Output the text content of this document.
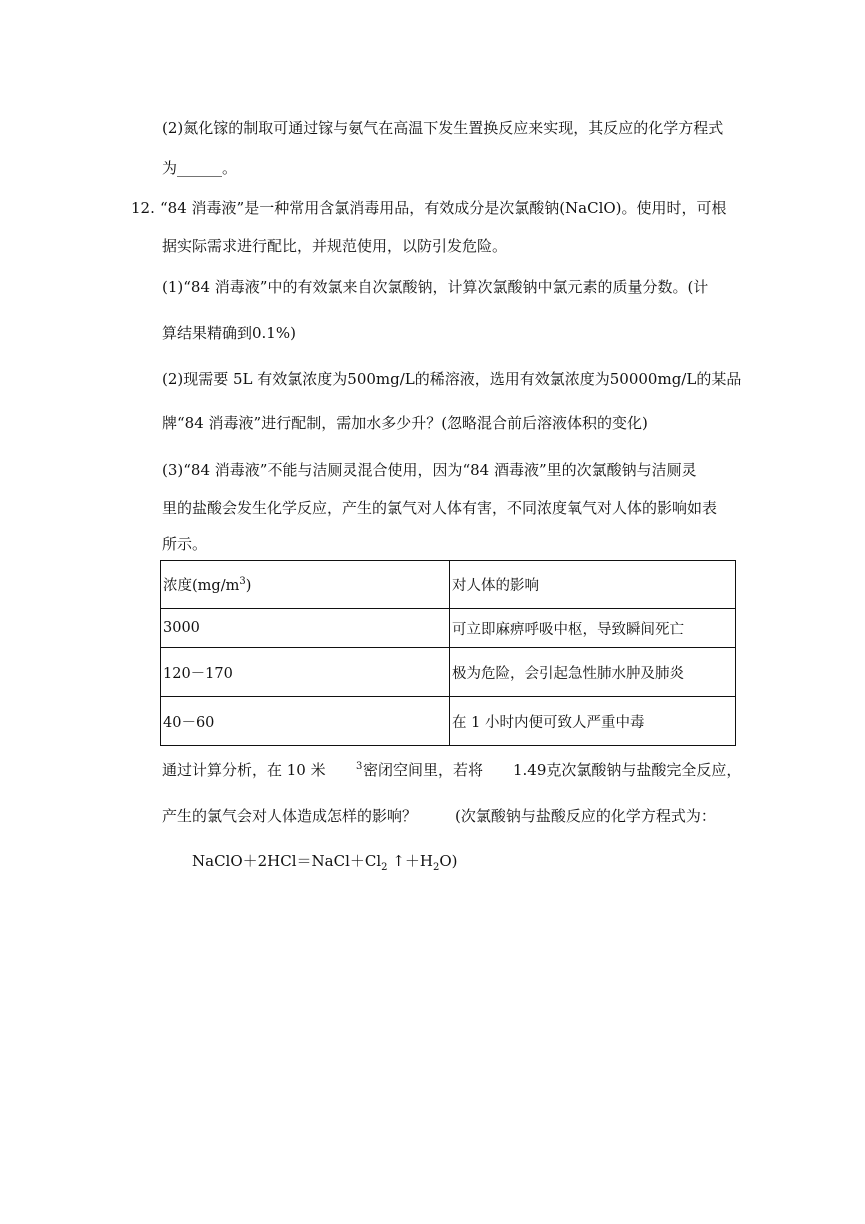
(2)氮化镓的制取可通过镓与氨气在高温下发生置换反应来实现，其反应的化学方程式
为______。
12. “84 消毒液”是一种常用含氯消毒用品，有效成分是次氯酸钠(NaClO)。使用时，可根
据实际需求进行配比，并规范使用，以防引发危险。
(1)“84 消毒液”中的有效氯来自次氯酸钠，计算次氯酸钠中氯元素的质量分数。(计
算结果精确到0.1%)
(2)现需要 5L 有效氯浓度为500mg/L的稀溶液，选用有效氯浓度为50000mg/L的某品
牌“84 消毒液”进行配制，需加水多少升？(忽略混合前后溶液体积的变化)
(3)“84 消毒液”不能与洁厕灵混合使用，因为“84 酒毒液”里的次氯酸钠与洁厕灵
里的盐酸会发生化学反应，产生的氯气对人体有害，不同浓度氧气对人体的影响如表
所示。
浓度$(mg/m^3)$	对人体的影响
3000	可立即麻痹呼吸中枢，导致瞬间死亡
120－170	极为危险，会引起急性肺水肿及肺炎
40－60	在 1 小时内便可致人严重中毒
通过计算分析，在 10 米	3 密闭空间里，若将 1.49克次氯酸钠与盐酸完全反应，
产生的氯气会对人体造成怎样的影响？	(次氯酸钠与盐酸反应的化学方程式为：
$NaClO+2HCl=NaCl+Cl_2$ $↑+H_2O$)
